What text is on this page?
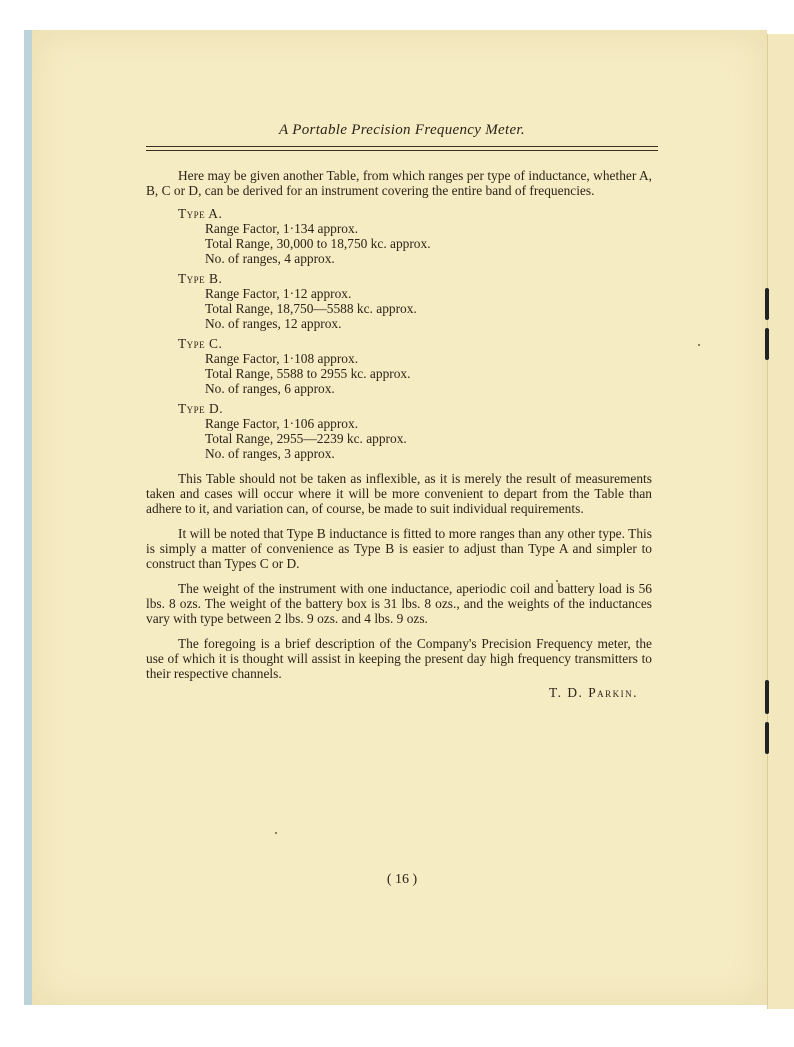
A Portable Precision Frequency Meter.

Here may be given another Table, from which ranges per type of inductance, whether A, B, C or D, can be derived for an instrument covering the entire band of frequencies.

Type A.
Range Factor, 1·134 approx.
Total Range, 30,000 to 18,750 kc. approx.
No. of ranges, 4 approx.
Type B.
Range Factor, 1·12 approx.
Total Range, 18,750—5588 kc. approx.
No. of ranges, 12 approx.
Type C.
Range Factor, 1·108 approx.
Total Range, 5588 to 2955 kc. approx.
No. of ranges, 6 approx.
Type D.
Range Factor, 1·106 approx.
Total Range, 2955—2239 kc. approx.
No. of ranges, 3 approx.

This Table should not be taken as inflexible, as it is merely the result of measurements taken and cases will occur where it will be more convenient to depart from the Table than adhere to it, and variation can, of course, be made to suit individual requirements.

It will be noted that Type B inductance is fitted to more ranges than any other type. This is simply a matter of convenience as Type B is easier to adjust than Type A and simpler to construct than Types C or D.

The weight of the instrument with one inductance, aperiodic coil and battery load is 56 lbs. 8 ozs. The weight of the battery box is 31 lbs. 8 ozs., and the weights of the inductances vary with type between 2 lbs. 9 ozs. and 4 lbs. 9 ozs.

The foregoing is a brief description of the Company's Precision Frequency meter, the use of which it is thought will assist in keeping the present day high frequency transmitters to their respective channels.

T. D. Parkin.
( 16 )
